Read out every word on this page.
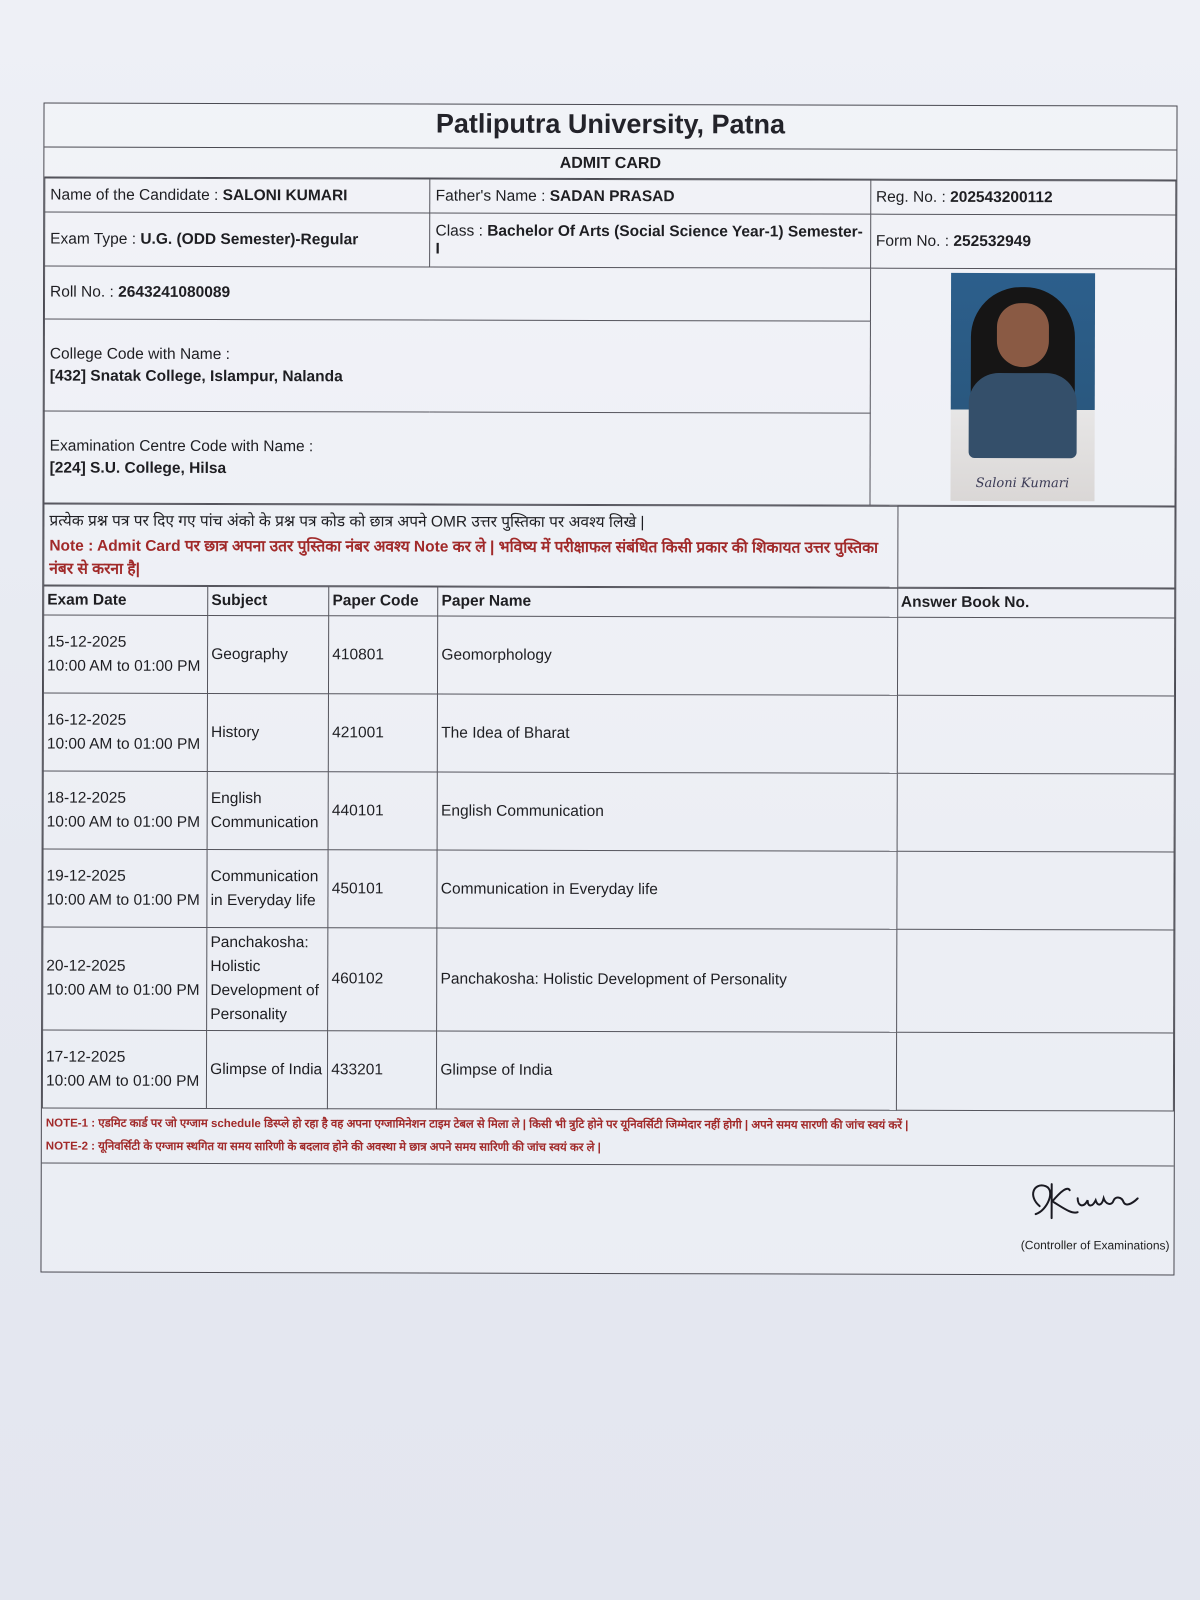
Patliputra University, Patna
ADMIT CARD
Name of the Candidate : SALONI KUMARI	Father's Name : SADAN PRASAD	Reg. No. : 202543200112
Exam Type : U.G. (ODD Semester)-Regular	Class : Bachelor Of Arts (Social Science Year-1) Semester-I	Form No. : 252532949
Roll No. : 2643241080089		Saloni Kumari

College Code with Name :
[432] Snatak College, Islampur, Nalanda		

Examination Centre Code with Name :
[224] S.U. College, Hilsa		
प्रत्येक प्रश्न पत्र पर दिए गए पांच अंको के प्रश्न पत्र कोड को छात्र अपने OMR उत्तर पुस्तिका पर अवश्य लिखे |
Note : Admit Card पर छात्र अपना उतर पुस्तिका नंबर अवश्य Note कर ले | भविष्य में परीक्षाफल संबंधित किसी प्रकार की शिकायत उत्तर पुस्तिका नंबर से करना है|

Exam Date	Subject	Paper Code	Paper Name	Answer Book No.

15-12-2025
10:00 AM to 01:00 PM	Geography	410801	Geomorphology	

16-12-2025
10:00 AM to 01:00 PM	History	421001	The Idea of Bharat	

18-12-2025
10:00 AM to 01:00 PM	English Communication	440101	English Communication	

19-12-2025
10:00 AM to 01:00 PM	Communication in Everyday life	450101	Communication in Everyday life	

20-12-2025
10:00 AM to 01:00 PM	Panchakosha: Holistic Development of Personality	460102	Panchakosha: Holistic Development of Personality	

17-12-2025
10:00 AM to 01:00 PM	Glimpse of India	433201	Glimpse of India	
NOTE-1 : एडमिट कार्ड पर जो एग्जाम schedule डिस्प्ले हो रहा है वह अपना एग्जामिनेशन टाइम टेबल से मिला ले | किसी भी त्रुटि होने पर यूनिवर्सिटी जिम्मेदार नहीं होगी | अपने समय सारणी की जांच स्वयं करें |
NOTE-2 : यूनिवर्सिटी के एग्जाम स्थगित या समय सारिणी के बदलाव होने की अवस्था मे छात्र अपने समय सारिणी की जांच स्वयं कर ले |
(Controller of Examinations)
